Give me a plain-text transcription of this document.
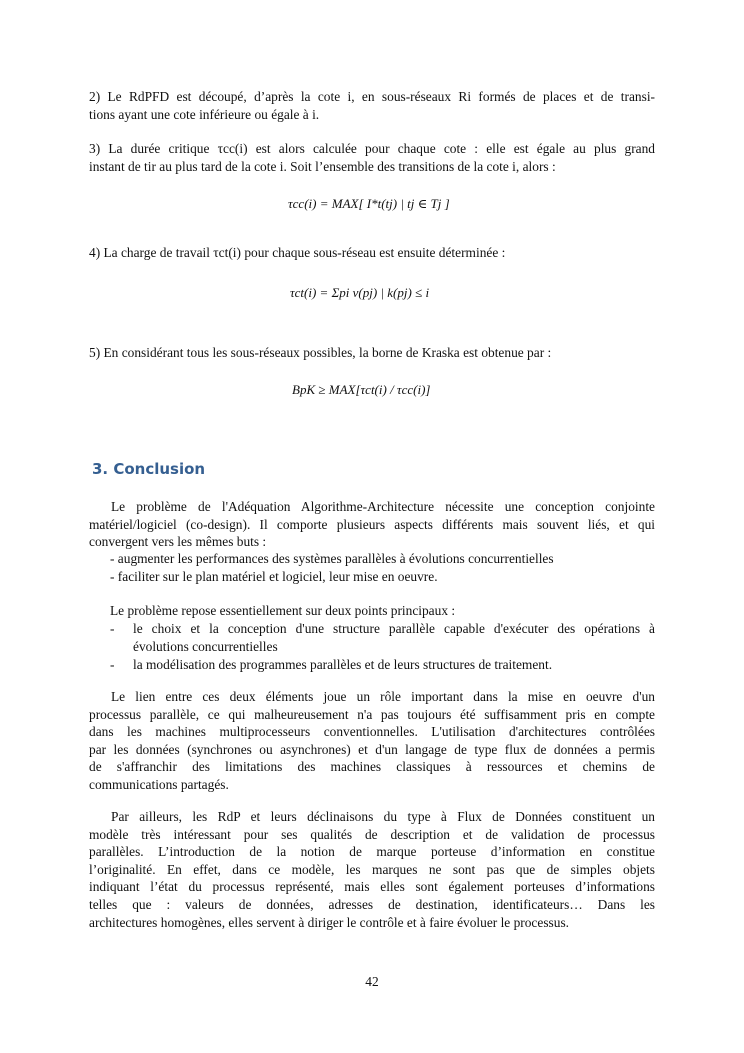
2) Le RdPFD est découpé, d’après la cote i, en sous-réseaux Ri formés de places et de transi-
tions ayant une cote inférieure ou égale à i.
3) La durée critique τcc(i) est alors calculée pour chaque cote : elle est égale au plus grand
instant de tir au plus tard de la cote i. Soit l’ensemble des transitions de la cote i, alors :
τcc(i) = MAX[ I*t(tj) | tj ∈ Tj ]
4) La charge de travail τct(i) pour chaque sous-réseau est ensuite déterminée :
τct(i) = Σpi ν(pj) | k(pj) ≤ i
5) En considérant tous les sous-réseaux possibles, la borne de Kraska est obtenue par :
BpK ≥ MAX[τct(i) / τcc(i)]
3. Conclusion
Le problème de l'Adéquation Algorithme-Architecture nécessite une conception conjointe
matériel/logiciel (co-design). Il comporte plusieurs aspects différents mais souvent liés, et qui
convergent vers les mêmes buts :
- augmenter les performances des systèmes parallèles à évolutions concurrentielles
- faciliter sur le plan matériel et logiciel, leur mise en oeuvre.
Le problème repose essentiellement sur deux points principaux :
- le choix et la conception d'une structure parallèle capable d'exécuter des opérations à
évolutions concurrentielles
- la modélisation des programmes parallèles et de leurs structures de traitement.
Le lien entre ces deux éléments joue un rôle important dans la mise en oeuvre d'un
processus parallèle, ce qui malheureusement n'a pas toujours été suffisamment pris en compte
dans les machines multiprocesseurs conventionnelles. L'utilisation d'architectures contrôlées
par les données (synchrones ou asynchrones) et d'un langage de type flux de données a permis
de s'affranchir des limitations des machines classiques à ressources et chemins de
communications partagés.
Par ailleurs, les RdP et leurs déclinaisons du type à Flux de Données constituent un
modèle très intéressant pour ses qualités de description et de validation de processus
parallèles. L’introduction de la notion de marque porteuse d’information en constitue
l’originalité. En effet, dans ce modèle, les marques ne sont pas que de simples objets
indiquant l’état du processus représenté, mais elles sont également porteuses d’informations
telles que : valeurs de données, adresses de destination, identificateurs… Dans les
architectures homogènes, elles servent à diriger le contrôle et à faire évoluer le processus.
42
